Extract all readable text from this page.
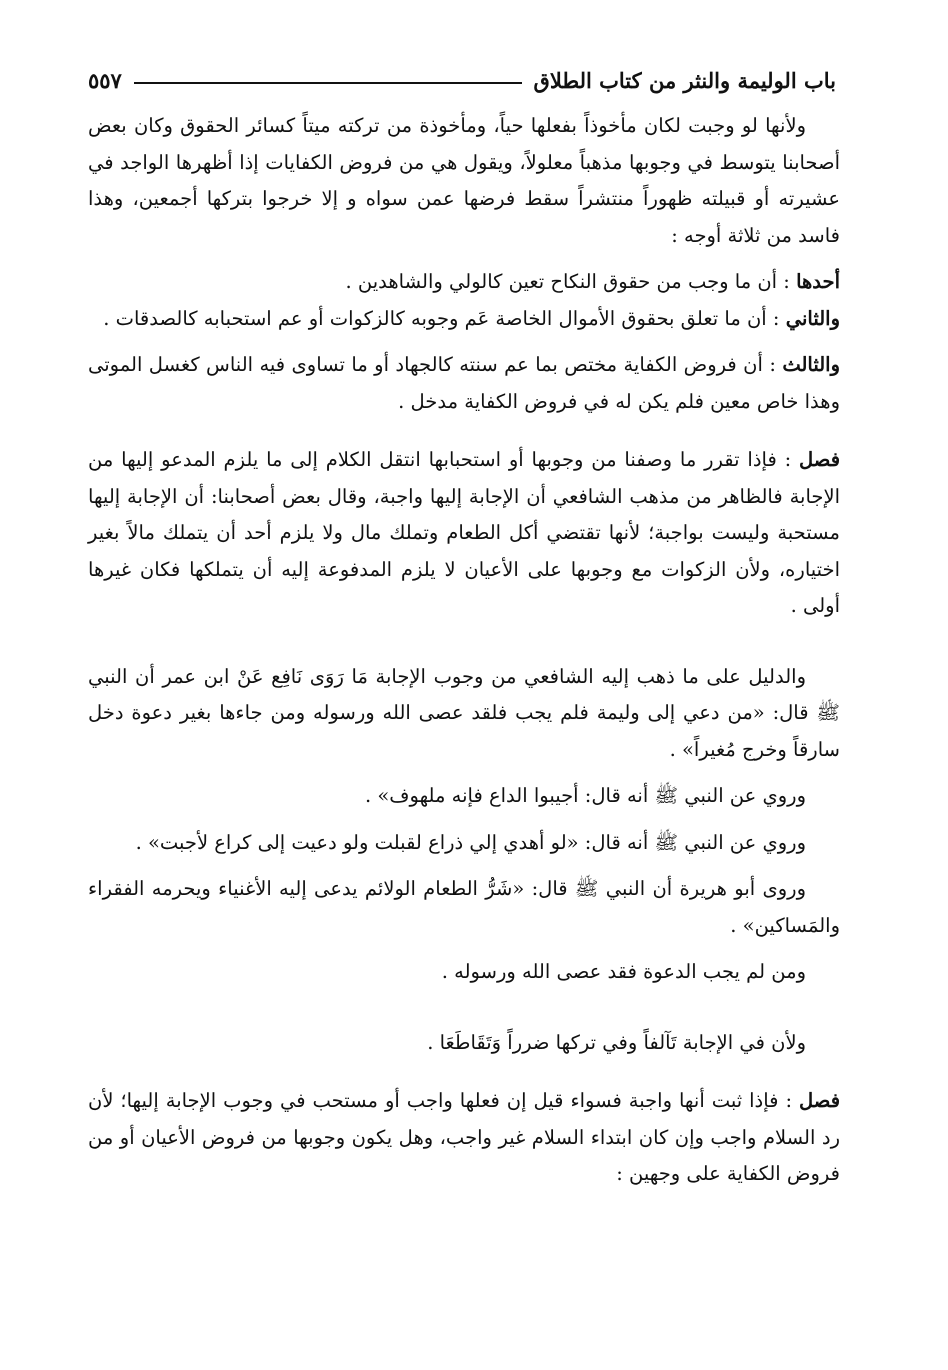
باب الوليمة والنثر من كتاب الطلاق
٥٥٧

ولأنها لو وجبت لكان مأخوذاً بفعلها حياً، ومأخوذة من تركته ميتاً كسائر الحقوق وكان بعض أصحابنا يتوسط في وجوبها مذهباً معلولاً، ويقول هي من فروض الكفايات إذا أظهرها الواجد في عشيرته أو قبيلته ظهوراً منتشراً سقط فرضها عمن سواه و إلا خرجوا بتركها أجمعين، وهذا فاسد من ثلاثة أوجه :

أحدها : أن ما وجب من حقوق النكاح تعين كالولي والشاهدين .

والثاني : أن ما تعلق بحقوق الأموال الخاصة عَم وجوبه كالزكوات أو عم استحبابه كالصدقات .

والثالث : أن فروض الكفاية مختص بما عم سنته كالجهاد أو ما تساوى فيه الناس كغسل الموتى وهذا خاص معين فلم يكن له في فروض الكفاية مدخل .

فصل : فإذا تقرر ما وصفنا من وجوبها أو استحبابها انتقل الكلام إلى ما يلزم المدعو إليها من الإجابة فالظاهر من مذهب الشافعي أن الإجابة إليها واجبة، وقال بعض أصحابنا: أن الإجابة إليها مستحبة وليست بواجبة؛ لأنها تقتضي أكل الطعام وتملك مال ولا يلزم أحد أن يتملك مالاً بغير اختياره، ولأن الزكوات مع وجوبها على الأعيان لا يلزم المدفوعة إليه أن يتملكها فكان غيرها أولى .

والدليل على ما ذهب إليه الشافعي من وجوب الإجابة مَا رَوَى نَافِع عَنْ ابن عمر أن النبي ﷺ قال: «من دعي إلى وليمة فلم يجب فلقد عصى الله ورسوله ومن جاءها بغير دعوة دخل سارقاً وخرج مُغيراً» .

وروي عن النبي ﷺ أنه قال: أجيبوا الداع فإنه ملهوف» .

وروي عن النبي ﷺ أنه قال: «لو أهدي إلي ذراع لقبلت ولو دعيت إلى كراع لأجبت» .

وروى أبو هريرة أن النبي ﷺ قال: «شَرُّ الطعام الولائم يدعى إليه الأغنياء ويحرمه الفقراء والمَساكين» .

ومن لم يجب الدعوة فقد عصى الله ورسوله .

ولأن في الإجابة تَآلفاً وفي تركها ضرراً وَتَقَاطَعَا .

فصل : فإذا ثبت أنها واجبة فسواء قيل إن فعلها واجب أو مستحب في وجوب الإجابة إليها؛ لأن رد السلام واجب وإن كان ابتداء السلام غير واجب، وهل يكون وجوبها من فروض الأعيان أو من فروض الكفاية على وجهين :
